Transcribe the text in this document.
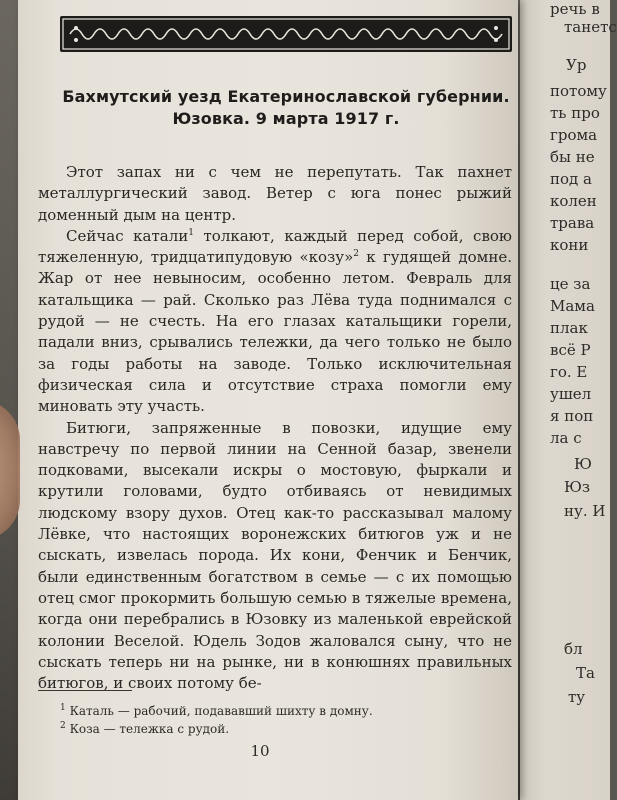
речь в
танетс
Ур
потому
ть про
грома
бы не
под а
колен
трава
кони
це за
Мама
плак
всё Р
го. Е
ушел
я поп
ла с
Ю
Юз
ну. И
бл
Та
ту
Бахмутский уезд Екатеринославской губернии.
Юзовка. 9 марта 1917 г.

Этот запах ни с чем не перепутать. Так пахнет металлургический завод. Ветер с юга понес рыжий доменный дым на центр.

Сейчас катали$^1$ толкают, каждый перед собой, свою тяжеленную, тридцатипудовую «козу»$^2$ к гудящей домне. Жар от нее невыносим, особенно летом. Февраль для катальщика — рай. Сколько раз Лёва туда поднимался с рудой — не счесть. На его глазах катальщики горели, падали вниз, срывались тележки, да чего только не было за годы работы на заводе. Только исключительная физическая сила и отсутствие страха помогли ему миновать эту участь.

Битюги, запряженные в повозки, идущие ему навстречу по первой линии на Сенной базар, звенели подковами, высекали искры о мостовую, фыркали и крутили головами, будто отбиваясь от невидимых людскому взору духов. Отец как-то рассказывал малому Лёвке, что настоящих воронежских битюгов уж и не сыскать, извелась порода. Их кони, Фенчик и Бенчик, были единственным богатством в семье — с их помощью отец смог прокормить большую семью в тяжелые времена, когда они перебрались в Юзовку из маленькой еврейской колонии Веселой. Юдель Зодов жаловался сыну, что не сыскать теперь ни на рынке, ни в конюшнях правильных битюгов, и своих потому бе-

$^1$ Каталь — рабочий, подававший шихту в домну.
$^2$ Коза — тележка с рудой.
10
